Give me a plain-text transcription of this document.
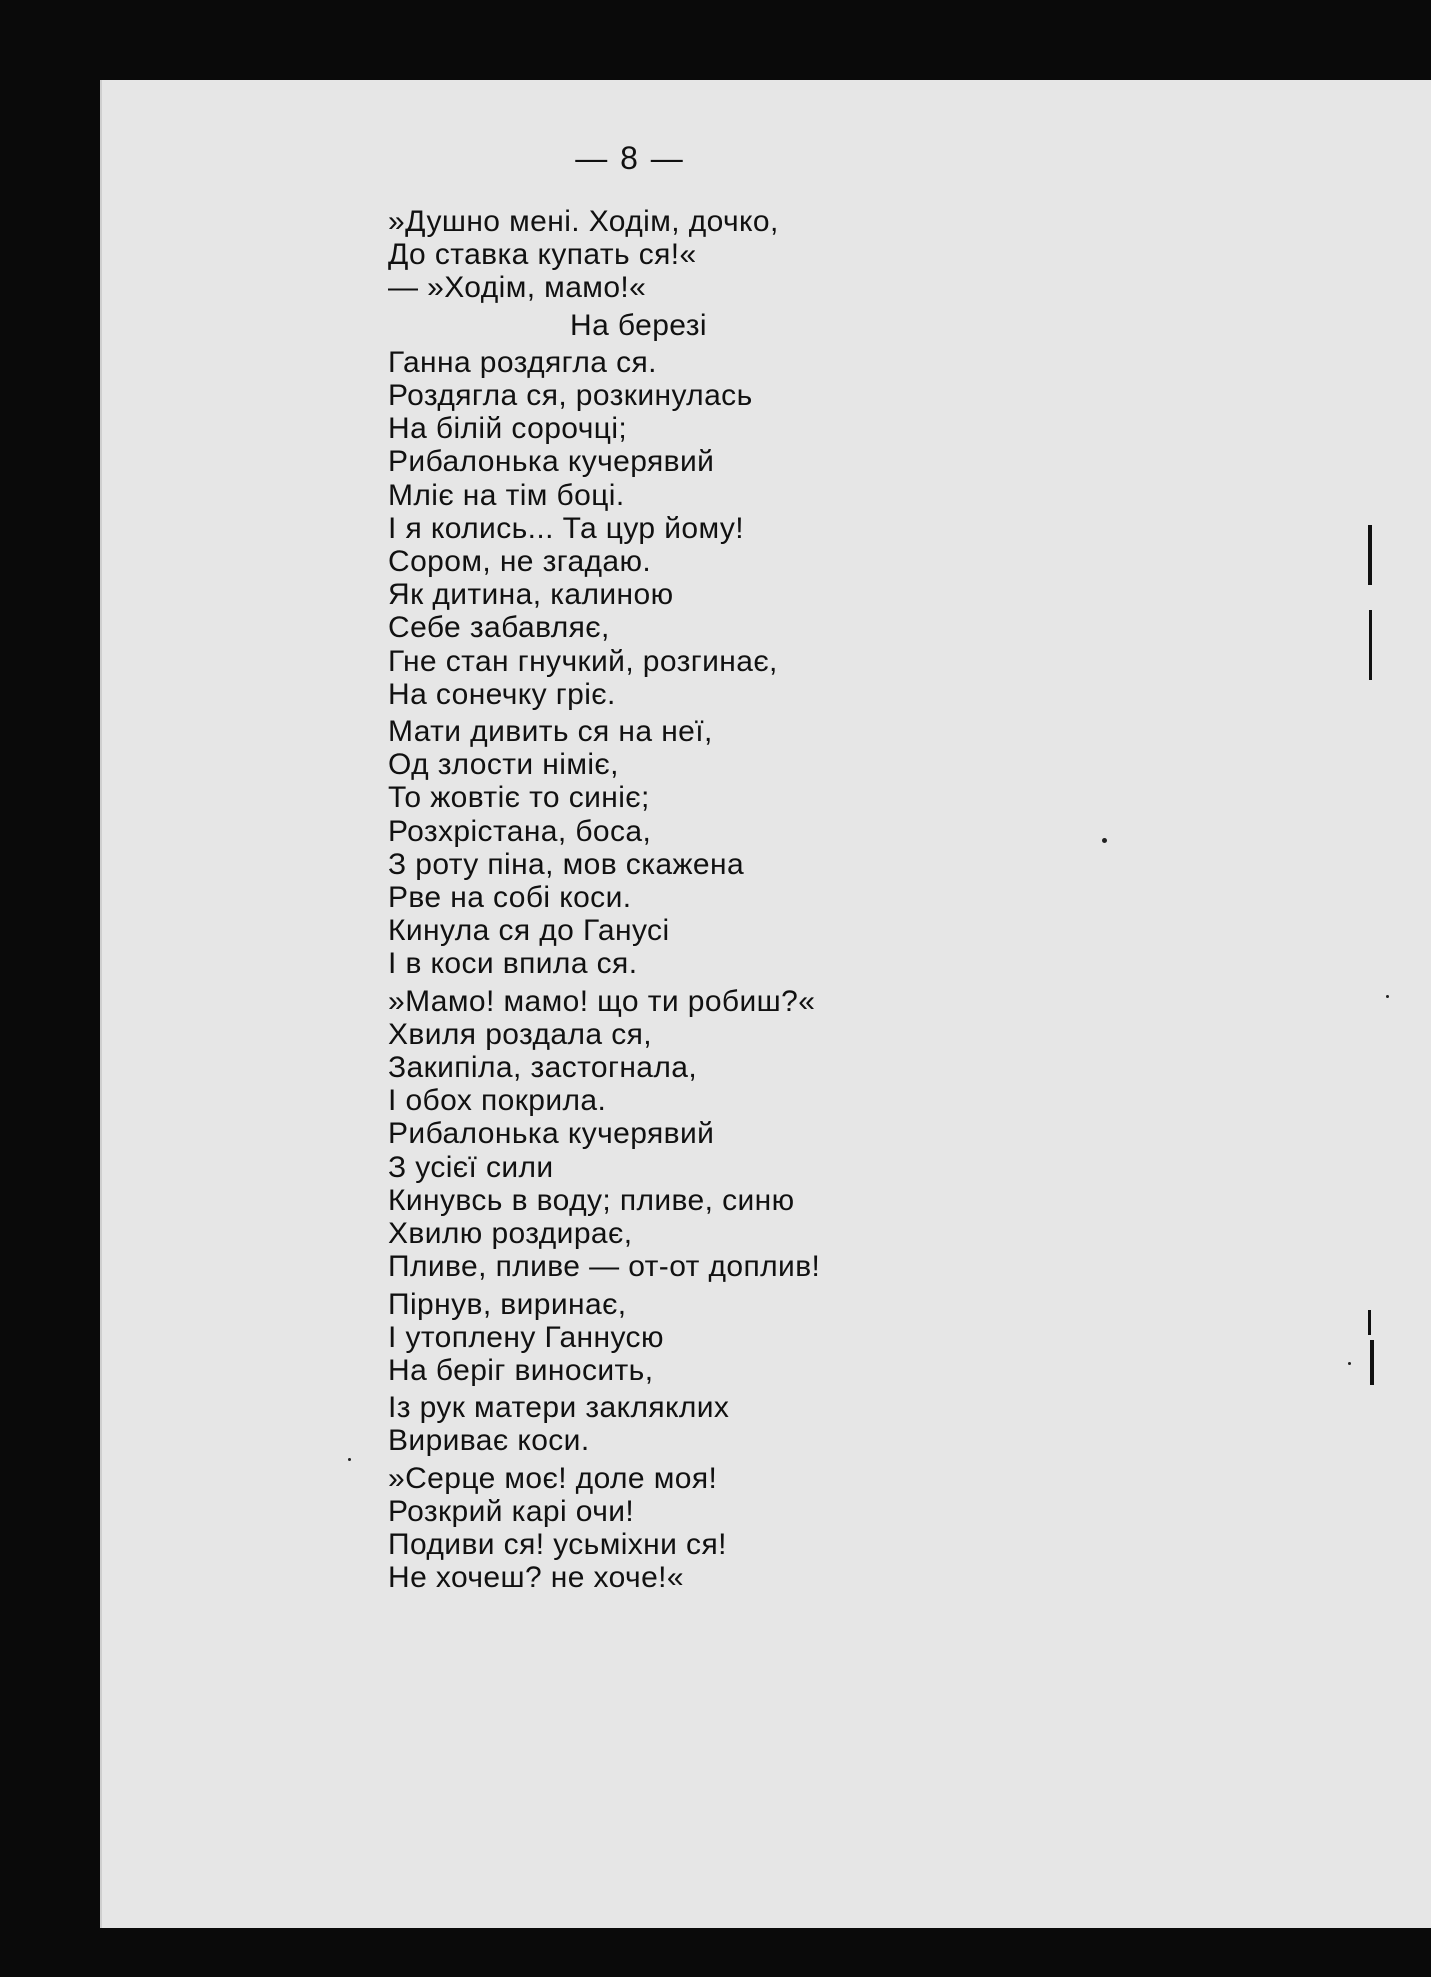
— 8 —
»Душно мені. Ходім, дочко,
До ставка купать ся!«
— »Ходім, мамо!«
На березі
Ганна роздягла ся.
Роздягла ся, розкинулась
На білій сорочці;
Рибалонька кучерявий
Мліє на тім боці.
І я колись... Та цур йому!
Сором, не згадаю.
Як дитина, калиною
Себе забавляє,
Гне стан гнучкий, розгинає,
На сонечку гріє.
Мати дивить ся на неї,
Од злости німіє,
То жовтіє то синіє;
Розхрістана, боса,
З роту піна, мов скажена
Рве на собі коси.
Кинула ся до Ганусі
І в коси впила ся.
»Мамо! мамо! що ти робиш?«
Хвиля роздала ся,
Закипіла, застогнала,
І обох покрила.
Рибалонька кучерявий
З усієї сили
Кинувсь в воду; пливе, синю
Хвилю роздирає,
Пливе, пливе — от-от доплив!
Пірнув, виринає,
І утоплену Ганнусю
На беріг виносить,
Із рук матери закляклих
Вириває коси.
»Серце моє! доле моя!
Розкрий карі очи!
Подиви ся! усьміхни ся!
Не хочеш? не хоче!«
